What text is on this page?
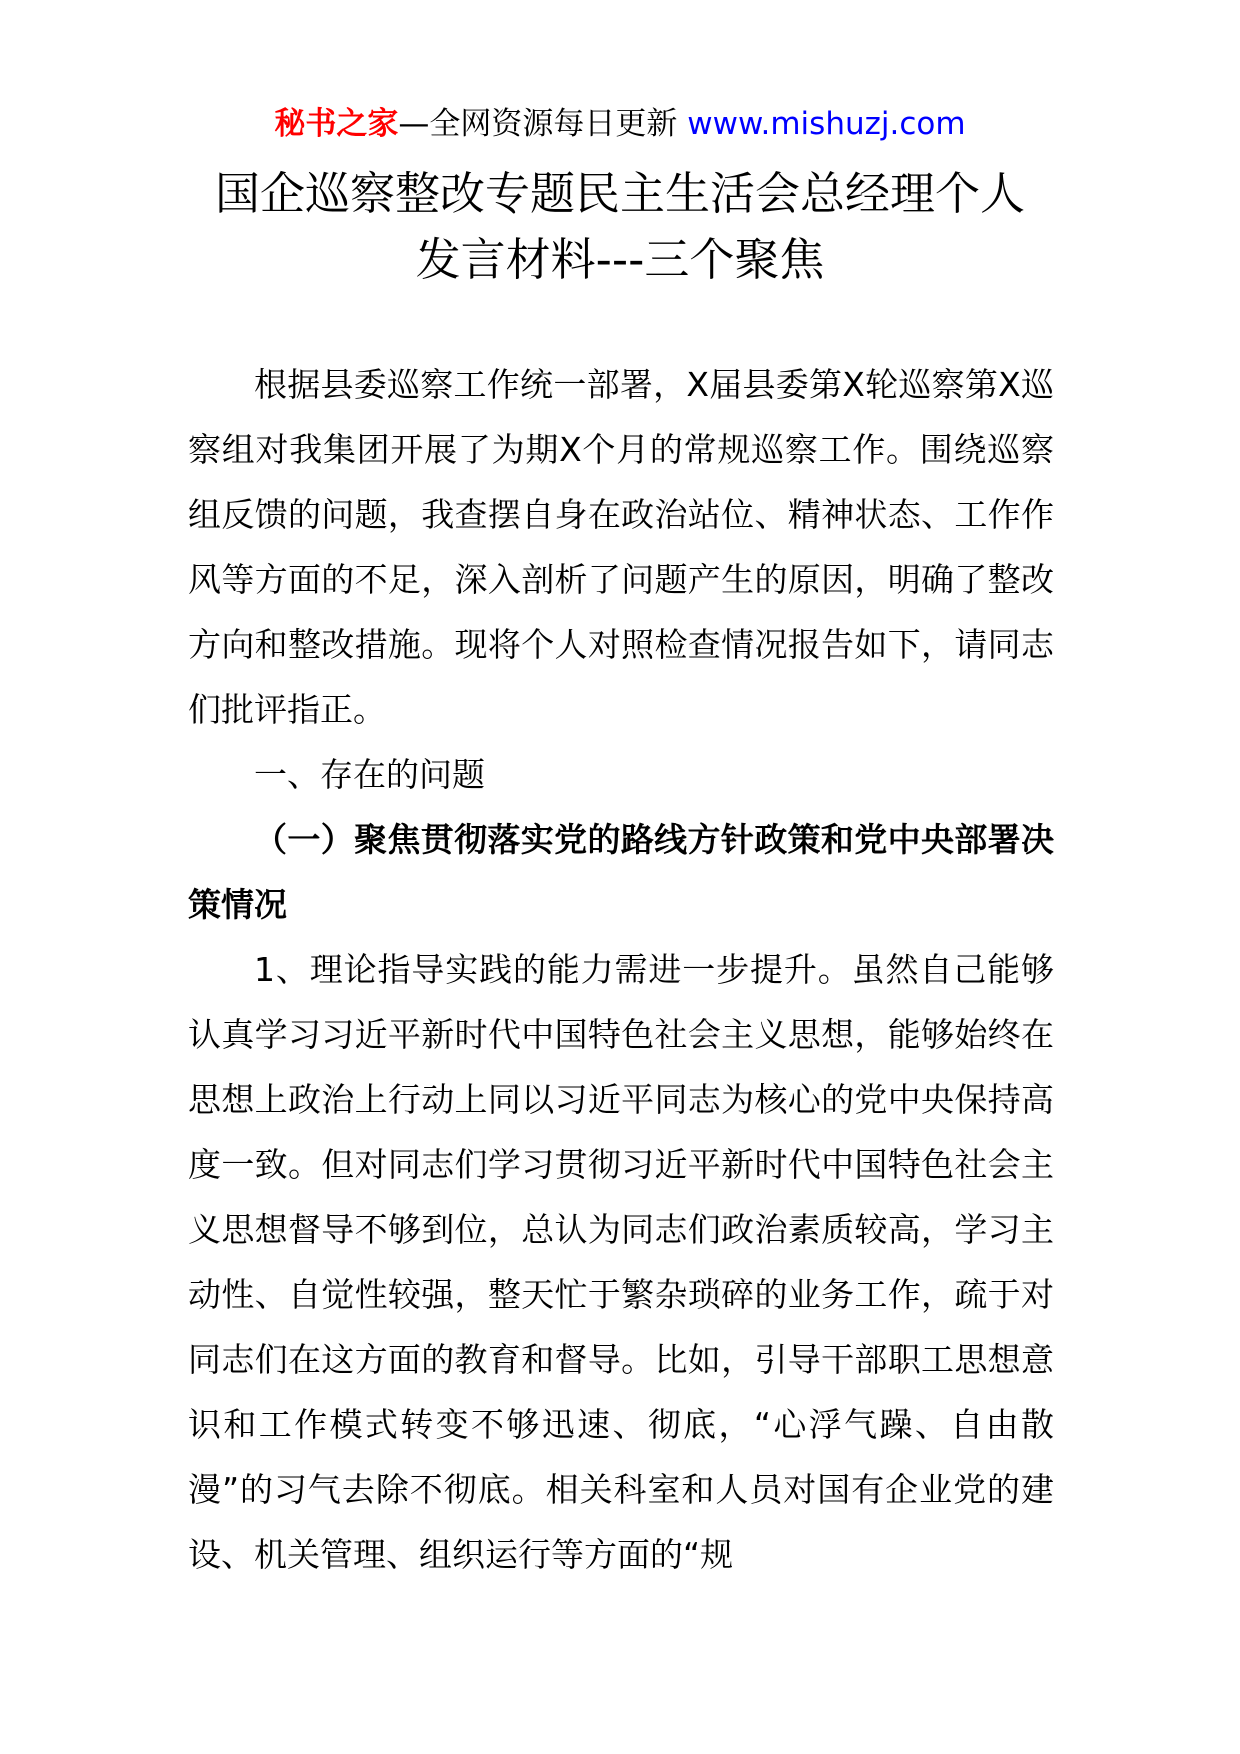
秘书之家—全网资源每日更新 www.mishuzj.com
国企巡察整改专题民主生活会总经理个人
发言材料---三个聚焦

根据县委巡察工作统一部署，X届县委第X轮巡察第X巡察组对我集团开展了为期X个月的常规巡察工作。围绕巡察组反馈的问题，我查摆自身在政治站位、精神状态、工作作风等方面的不足，深入剖析了问题产生的原因，明确了整改方向和整改措施。现将个人对照检查情况报告如下，请同志们批评指正。

一、存在的问题

（一）聚焦贯彻落实党的路线方针政策和党中央部署决策情况

1、理论指导实践的能力需进一步提升。虽然自己能够认真学习习近平新时代中国特色社会主义思想，能够始终在思想上政治上行动上同以习近平同志为核心的党中央保持高度一致。但对同志们学习贯彻习近平新时代中国特色社会主义思想督导不够到位，总认为同志们政治素质较高，学习主动性、自觉性较强，整天忙于繁杂琐碎的业务工作，疏于对同志们在这方面的教育和督导。比如，引导干部职工思想意识和工作模式转变不够迅速、彻底，“心浮气躁、自由散漫”的习气去除不彻底。相关科室和人员对国有企业党的建设、机关管理、组织运行等方面的“规
